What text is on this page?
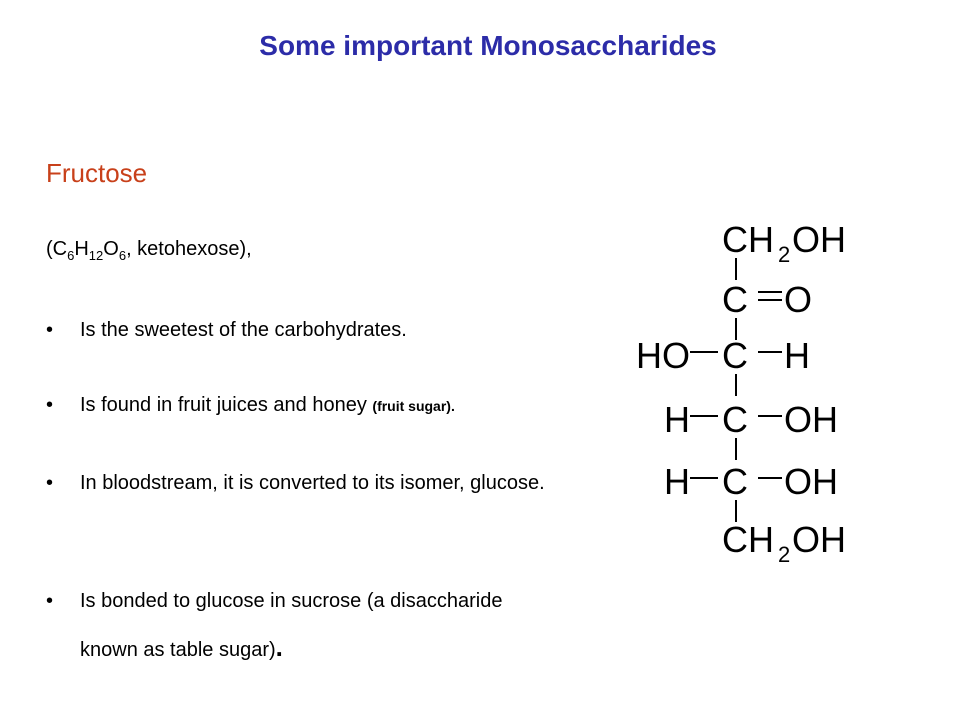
Some important Monosaccharides
Fructose
($C_6H_{12}O_6$, ketohexose),
• Is the sweetest of the carbohydrates.
• Is found in fruit juices and honey (fruit sugar).
• In bloodstream, it is converted to its isomer, glucose.
• Is bonded to glucose in sucrose (a disaccharide known as table sugar).
CH 2 OH
C O
HO C H
H C OH
H C OH
CH 2 OH
